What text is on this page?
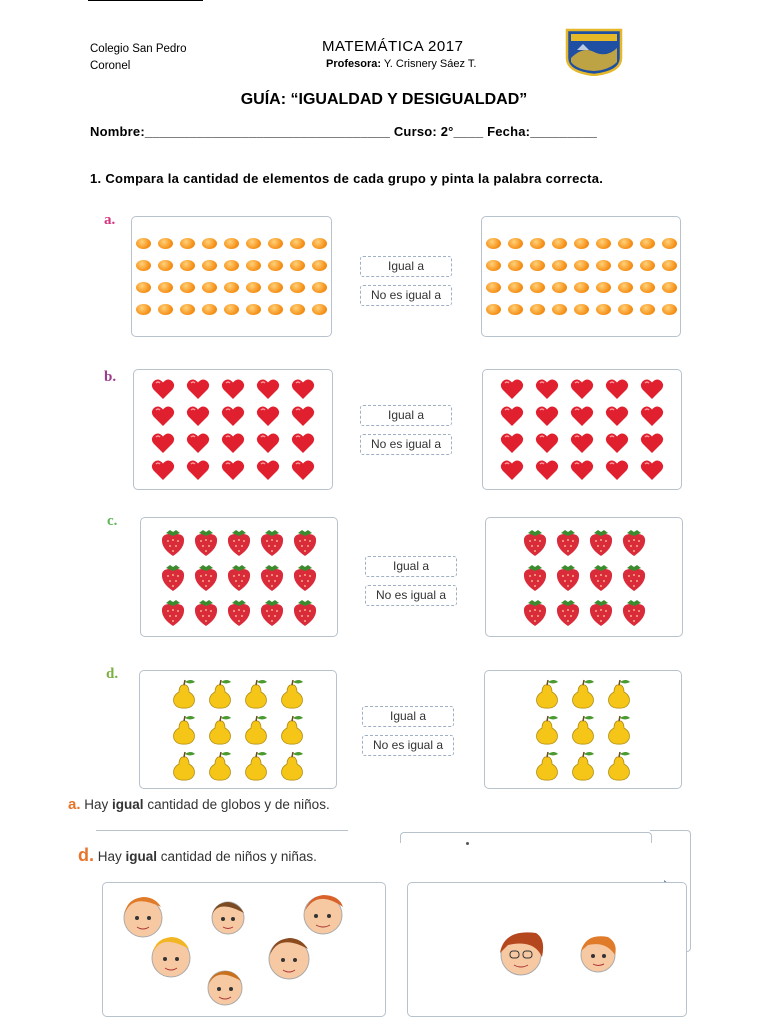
Colegio San Pedro
Coronel
MATEMÁTICA 2017
Profesora: Y. Crisnery Sáez T.
GUÍA: “IGUALDAD Y DESIGUALDAD”
Nombre:_________________________________ Curso: 2°____ Fecha:_________
1. Compara la cantidad de elementos de cada grupo y pinta la palabra correcta.
a.
Igual a
No es igual a
b.
Igual a
No es igual a
c.
Igual a
No es igual a
d.
Igual a
No es igual a
a. Hay igual cantidad de globos y de niños.
d. Hay igual cantidad de niños y niñas.
